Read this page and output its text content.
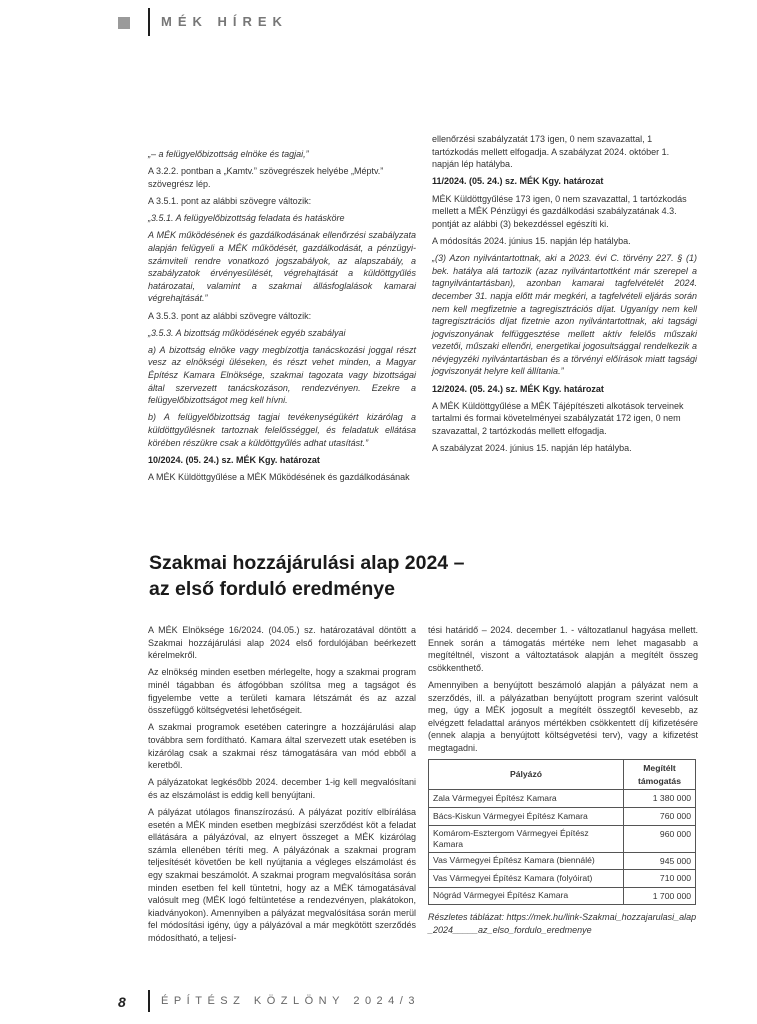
MÉK HÍREK

„– a felügyelőbizottság elnöke és tagjai,”

A 3.2.2. pontban a „Kamtv.” szövegrészek helyébe „Méptv.” szövegrész lép.

A 3.5.1. pont az alábbi szövegre változik:

„3.5.1. A felügyelőbizottság feladata és hatásköre

A MÉK működésének és gazdálkodásának ellenőrzési szabályzata alapján felügyeli a MÉK működését, gazdálkodását, a pénzügyi-számviteli rendre vonatkozó jogszabályok, az alapszabály, a szabályzatok érvényesülését, végrehajtását a küldöttgyűlés határozatai, valamint a szakmai állásfoglalások kamarai végrehajtását.”

A 3.5.3. pont az alábbi szövegre változik:

„3.5.3. A bizottság működésének egyéb szabályai

a) A bizottság elnöke vagy megbízottja tanácskozási joggal részt vesz az elnökségi üléseken, és részt vehet minden, a Magyar Építész Kamara Elnöksége, szakmai tagozata vagy bizottságai által szervezett tanácskozáson, rendezvényen. Ezekre a felügyelőbizottságot meg kell hívni.

b) A felügyelőbizottság tagjai tevékenységükért kizárólag a küldöttgyűlésnek tartoznak felelősséggel, és feladatuk ellátása körében részükre csak a küldöttgyűlés adhat utasítást.”

10/2024. (05. 24.) sz. MÉK Kgy. határozat

A MÉK Küldöttgyűlése a MÉK Működésének és gazdálkodásának

ellenőrzési szabályzatát 173 igen, 0 nem szavazattal, 1 tartózkodás mellett elfogadja. A szabályzat 2024. október 1. napján lép hatályba.

11/2024. (05. 24.) sz. MÉK Kgy. határozat

MÉK Küldöttgyűlése 173 igen, 0 nem szavazattal, 1 tartózkodás mellett a MÉK Pénzügyi és gazdálkodási szabályzatának 4.3. pontját az alábbi (3) bekezdéssel egészíti ki.

A módosítás 2024. június 15. napján lép hatályba.

„(3) Azon nyilvántartottnak, aki a 2023. évi C. törvény 227. § (1) bek. hatálya alá tartozik (azaz nyilvántartottként már szerepel a tagnyilvántartásban), azonban kamarai tagfelvételét 2024. december 31. napja előtt már megkéri, a tagfelvételi eljárás során nem kell megfizetnie a tagregisztrációs díjat. Ugyanígy nem kell tagregisztrációs díjat fizetnie azon nyilvántartottnak, aki tagsági jogviszonyának felfüggesztése mellett aktív felelős műszaki vezetői, műszaki ellenőri, energetikai jogosultsággal rendelkezik a névjegyzéki nyilvántartásban és a törvényi előírások miatt tagsági jogviszonyát helyre kell állítania.”

12/2024. (05. 24.) sz. MÉK Kgy. határozat

A MÉK Küldöttgyűlése a MÉK Tájépítészeti alkotások terveinek tartalmi és formai követelményei szabályzatát 172 igen, 0 nem szavazattal, 2 tartózkodás mellett elfogadja.

A szabályzat 2024. június 15. napján lép hatályba.

Szakmai hozzájárulási alap 2024 –
az első forduló eredménye

A MÉK Elnöksége 16/2024. (04.05.) sz. határozatával döntött a Szakmai hozzájárulási alap 2024 első fordulójában beérkezett kérelmekről.

Az elnökség minden esetben mérlegelte, hogy a szakmai program minél tágabban és átfogóbban szólítsa meg a tagságot és figyelembe vette a területi kamara létszámát és az azzal összefüggő költségvetési lehetőségeit.

A szakmai programok esetében cateringre a hozzájárulási alap továbbra sem fordítható. Kamara által szervezett utak esetében is kizárólag csak a szakmai rész támogatására van mód ebből a keretből.

A pályázatokat legkésőbb 2024. december 1-ig kell megvalósítani és az elszámolást is eddig kell benyújtani.

A pályázat utólagos finanszírozású. A pályázat pozitív elbírálása esetén a MÉK minden esetben megbízási szerződést köt a feladat ellátására a pályázóval, az elnyert összeget a MÉK kizárólag számla ellenében téríti meg. A pályázónak a szakmai program teljesítését követően be kell nyújtania a végleges elszámolást és egy szakmai beszámolót. A szakmai program megvalósítása során minden esetben fel kell tüntetni, hogy az a MÉK támogatásával valósult meg (MÉK logó feltüntetése a rendezvényen, plakátokon, kiadványokon). Amennyiben a pályázat megvalósítása során merül fel módosítási igény, úgy a pályázóval a már megkötött szerződés módosítható, a teljesí-

tési határidő – 2024. december 1. - változatlanul hagyása mellett. Ennek során a támogatás mértéke nem lehet magasabb a megítéltnél, viszont a változtatások alapján a megítélt összeg csökkenthető.

Amennyiben a benyújtott beszámoló alapján a pályázat nem a szerződés, ill. a pályázatban benyújtott program szerint valósult meg, úgy a MÉK jogosult a megítélt összegtől kevesebb, az elvégzett feladattal arányos mértékben csökkentett díj kifizetésére (ennek alapja a benyújtott költségvetési terv), vagy a kifizetést megtagadni.

Pályázó	Megítélt támogatás
Zala Vármegyei Építész Kamara	1 380 000
Bács-Kiskun Vármegyei Építész Kamara	760 000
Komárom-Esztergom Vármegyei Építész Kamara	960 000
Vas Vármegyei Építész Kamara (biennálé)	945 000
Vas Vármegyei Építész Kamara (folyóirat)	710 000
Nógrád Vármegyei Építész Kamara	1 700 000

Részletes táblázat: https://mek.hu/link-Szakmai_hozzajarulasi_alap_2024_____az_elso_fordulo_eredmenye

8	ÉPÍTÉSZ KÖZLÖNY 2024/3
